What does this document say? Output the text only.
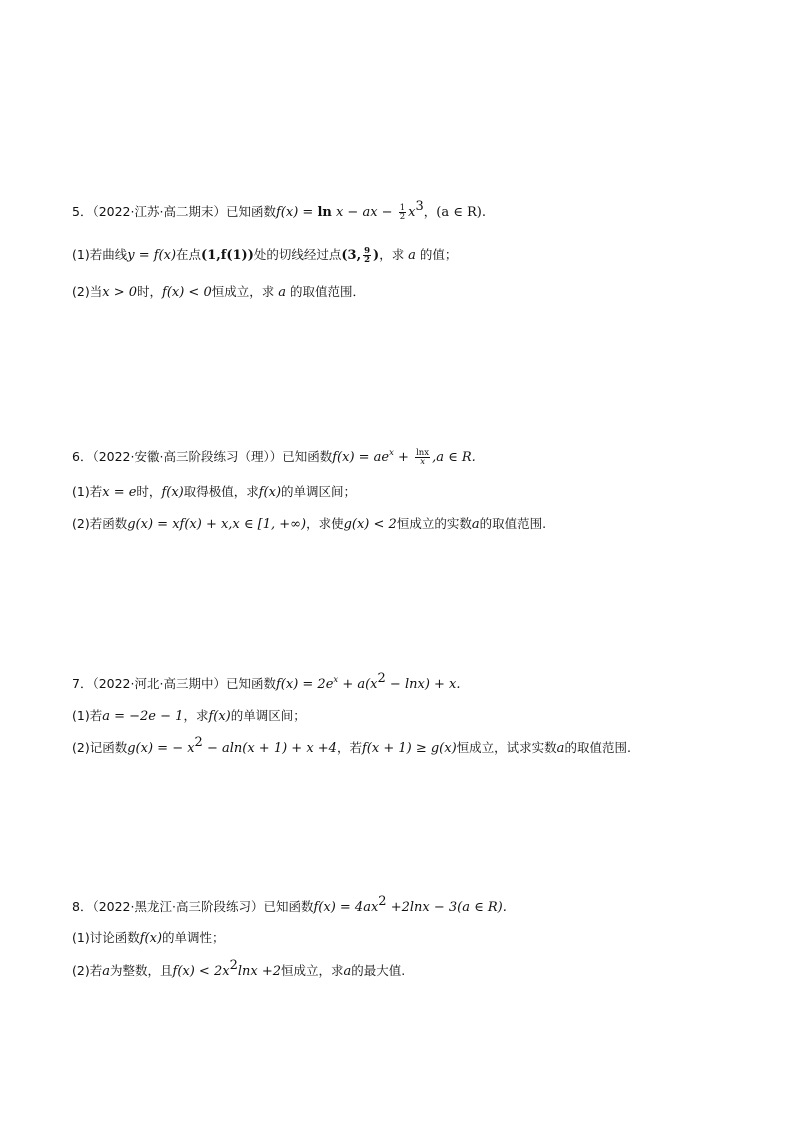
5．（2022·江苏·高二期末）已知函数f(x) = ln x − ax − $\frac{1}{2} x^3$，(a ∈ R).
(1)若曲线y = f(x)在点(1,f(1))处的切线经过点(3, $\frac{9}{2}$ )，求 a 的值；
(2)当x > 0时，f(x) < 0恒成立，求 a 的取值范围．
6．（2022·安徽·高三阶段练习（理））已知函数$f(x) = ae^x + \frac{\ln x}{x} ,a$ ∈ R.
(1)若x = e时，f(x)取得极值，求f(x)的单调区间；
(2)若函数g(x) = xf(x) + x,x ∈ [1, +∞)，求使g(x) < 2恒成立的实数a的取值范围.
7．（2022·河北·高三期中）已知函数$f(x) = 2e^x + a(x^2 - \ln x) + x$.
(1)若a = −2e − 1，求f(x)的单调区间；
(2)记函数g(x) = − $x^2 - aln(x + 1) + x +4$，若f(x + 1) ≥ g(x)恒成立，试求实数a的取值范围.
8．（2022·黑龙江·高三阶段练习）已知函数$f(x) = 4ax^2 +2\ln x - 3(a$ ∈ R).
(1)讨论函数f(x)的单调性；
(2)若a为整数，且$f(x) < 2x^2\ln x +2$恒成立，求a的最大值.
